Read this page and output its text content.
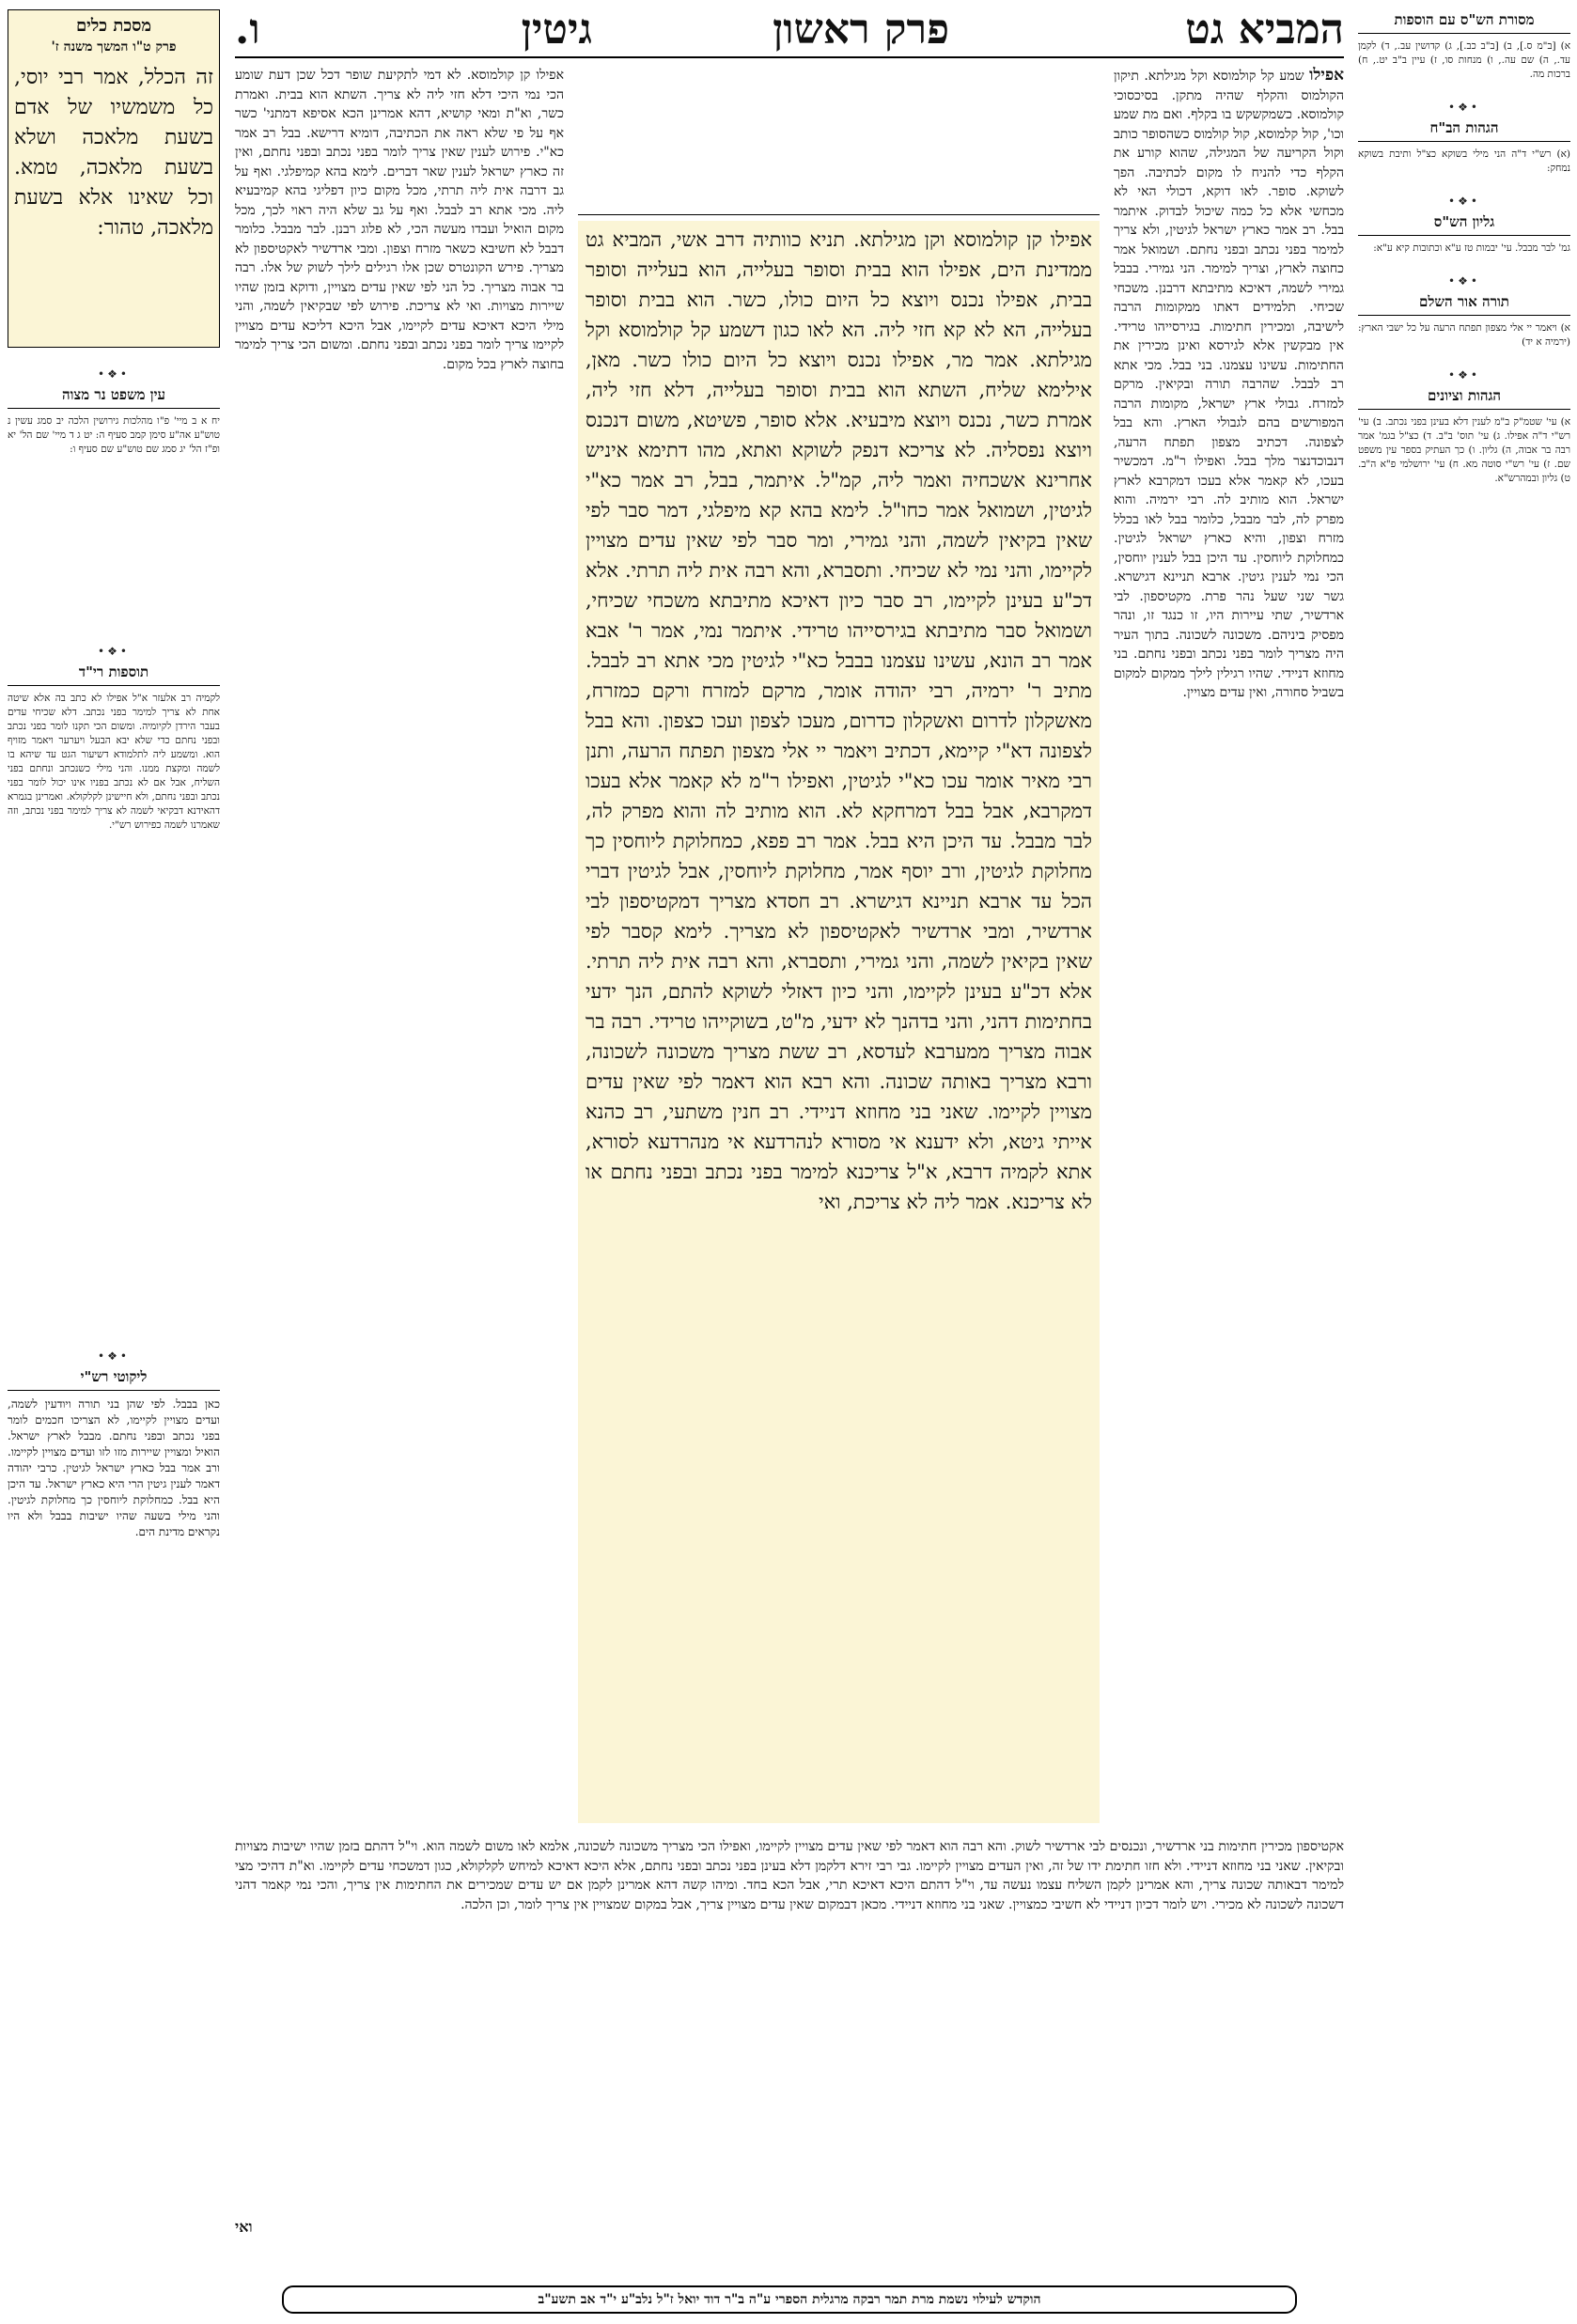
המביא גט
פרק ראשון
גיטין
ו.
מסכת כלים
פרק ט"ו המשך משנה ז'
זה הכלל, אמר רבי יוסי, כל משמשיו של אדם בשעת מלאכה ושלא בשעת מלאכה, טמא. וכל שאינו אלא בשעת מלאכה, טהור:
•❖•
עין משפט נר מצוה
יח א ב מיי' פ"ו מהלכות גירושין הלכה יב סמג עשין נ טוש"ע אה"ע סימן קמב סעיף ה: יט ג ד מיי' שם הל' יא ופ"ז הל' יג סמג שם טוש"ע שם סעיף ו:
•❖•
תוספות רי"ד
לקמיה רב אלעזר א"ל אפילו לא כתב בה אלא שיטה אחת לא צריך למימר בפני נכתב. דלא שכיחי עדים בעבר הירדן לקיומיה. ומשום הכי תקנו לומר בפני נכתב ובפני נחתם כדי שלא יבא הבעל ויערער ויאמר מזויף הוא. ומשמע ליה לתלמודא דשיעור הגט עד שיהא בו לשמה ומקצת ממנו. והני מילי כשנכתב ונחתם בפני השליח, אבל אם לא נכתב בפניו אינו יכול לומר בפני נכתב ובפני נחתם, ולא חיישינן לקלקולא. ואמרינן בגמרא דהאידנא דבקיאי לשמה לא צריך למימר בפני נכתב, וזה שאמרנו לשמה כפירוש רש"י.
•❖•
ליקוטי רש"י
כאן בבבל. לפי שהן בני תורה ויודעין לשמה, ועדים מצויין לקיימו, לא הצריכו חכמים לומר בפני נכתב ובפני נחתם. מבבל לארץ ישראל. הואיל ומצויין שיירות מזו לזו ועדים מצויין לקיימו. ורב אמר בבל כארץ ישראל לגיטין. כרבי יהודה דאמר לענין גיטין הרי היא כארץ ישראל. עד היכן היא בבל. כמחלוקת ליוחסין כך מחלוקת לגיטין. והני מילי בשעה שהיו ישיבות בבבל ולא היו נקראים מדינת הים.
מסורת הש"ס עם הוספות
א) [ב"מ ס.], ב) [ב"ב כב.], ג) קדושין עב., ד) לקמן עד., ה) שם עה., ו) מנחות סו, ז) עיין ב"ב יט., ח) ברכות מה.
•❖•
הגהות הב"ח
(א) רש"י ד"ה הני מילי בשוקא כצ"ל ותיבת בשוקא נמחק:
•❖•
גליון הש"ס
גמ' לבר מבבל. עי' יבמות טז ע"א וכתובות קיא ע"א:
•❖•
תורה אור השלם
א) ויאמר יי אלי מצפון תפתח הרעה על כל ישבי הארץ: (ירמיה א יד)
•❖•
הגהות וציונים
א) עי' שטמ"ק ב"מ לענין דלא בעינן בפני נכתב. ב) עי' רש"י ד"ה אפילו. ג) עי' תוס' ב"ב. ד) כצ"ל בגמ' אמר רבה בר אבוה, ה) גליון. ו) כך העתיק בספר עין משפט שם. ז) עי' רש"י סוטה מא. ח) עי' ירושלמי פ"א ה"ב. ט) גליון ובמהרש"א.
אפילו שמע קל קולמוסא וקל מגילתא. תיקון הקולמוס והקלף שהיה מתקן. בסיכסוכי קולמוסא. כשמקשקש בו בקלף. ואם מת שמע וכו', קול קלמוסא, קול קולמוס כשהסופר כותב וקול הקריעה של המגילה, שהוא קורע את הקלף כדי להניח לו מקום לכתיבה. הפך לשוקא. סופר. לאו דוקא, דכולי האי לא מכחשי אלא כל כמה שיכול לבדוק. איתמר בבל. רב אמר כארץ ישראל לגיטין, ולא צריך למימר בפני נכתב ובפני נחתם. ושמואל אמר כחוצה לארץ, וצריך למימר. הני גמירי. בבבל גמירי לשמה, דאיכא מתיבתא דרבנן. משכחי שכיחי. תלמידים דאתו ממקומות הרבה לישיבה, ומכירין חתימות. בגירסייהו טרידי. אין מבקשין אלא לגירסא ואינן מכירין את החתימות. עשינו עצמנו. בני בבל. מכי אתא רב לבבל. שהרבה תורה ובקיאין. מרקם למזרח. גבולי ארץ ישראל, מקומות הרבה המפורשים בהם לגבולי הארץ. והא בבל לצפונה. דכתיב מצפון תפתח הרעה, דנבוכדנצר מלך בבל. ואפילו ר"מ. דמכשיר בעכו, לא קאמר אלא בעכו דמקרבא לארץ ישראל. הוא מותיב לה. רבי ירמיה. והוא מפרק לה, לבר מבבל, כלומר בבל לאו בכלל מזרח וצפון, והיא כארץ ישראל לגיטין. כמחלוקת ליוחסין. עד היכן בבל לענין יוחסין, הכי נמי לענין גיטין. ארבא תניינא דגישרא. גשר שני שעל נהר פרת. מקטיספון. לבי ארדשיר, שתי עיירות היו, זו כנגד זו, ונהר מפסיק ביניהם. משכונה לשכונה. בתוך העיר היה מצריך לומר בפני נכתב ובפני נחתם. בני מחוזא דניידי. שהיו רגילין לילך ממקום למקום בשביל סחורה, ואין עדים מצויין.
אפילו קן קולמוסא וקן מגילתא. תניא כוותיה דרב אשי, המביא גט ממדינת הים, אפילו הוא בבית וסופר בעלייה, הוא בעלייה וסופר בבית, אפילו נכנס ויוצא כל היום כולו, כשר. הוא בבית וסופר בעלייה, הא לא קא חזי ליה. הא לאו כגון דשמע קל קולמוסא וקל מגילתא. אמר מר, אפילו נכנס ויוצא כל היום כולו כשר. מאן, אילימא שליח, השתא הוא בבית וסופר בעלייה, דלא חזי ליה, אמרת כשר, נכנס ויוצא מיבעיא. אלא סופר, פשיטא, משום דנכנס ויוצא נפסליה. לא צריכא דנפק לשוקא ואתא, מהו דתימא איניש אחרינא אשכחיה ואמר ליה, קמ"ל. איתמר, בבל, רב אמר כא"י לגיטין, ושמואל אמר כחו"ל. לימא בהא קא מיפלגי, דמר סבר לפי שאין בקיאין לשמה, והני גמירי, ומר סבר לפי שאין עדים מצויין לקיימו, והני נמי לא שכיחי. ותסברא, והא רבה אית ליה תרתי. אלא דכ"ע בעינן לקיימו, רב סבר כיון דאיכא מתיבתא משכחי שכיחי, ושמואל סבר מתיבתא בגירסייהו טרידי. איתמר נמי, אמר ר' אבא אמר רב הונא, עשינו עצמנו בבבל כא"י לגיטין מכי אתא רב לבבל. מתיב ר' ירמיה, רבי יהודה אומר, מרקם למזרח ורקם כמזרח, מאשקלון לדרום ואשקלון כדרום, מעכו לצפון ועכו כצפון. והא בבל לצפונה דא"י קיימא, דכתיב ויאמר יי אלי מצפון תפתח הרעה, ותנן רבי מאיר אומר עכו כא"י לגיטין, ואפילו ר"מ לא קאמר אלא בעכו דמקרבא, אבל בבל דמרחקא לא. הוא מותיב לה והוא מפרק לה, לבר מבבל. עד היכן היא בבל. אמר רב פפא, כמחלוקת ליוחסין כך מחלוקת לגיטין, ורב יוסף אמר, מחלוקת ליוחסין, אבל לגיטין דברי הכל עד ארבא תניינא דגישרא. רב חסדא מצריך דמקטיספון לבי ארדשיר, ומבי ארדשיר לאקטיספון לא מצריך. לימא קסבר לפי שאין בקיאין לשמה, והני גמירי, ותסברא, והא רבה אית ליה תרתי. אלא דכ"ע בעינן לקיימו, והני כיון דאזלי לשוקא להתם, הנך ידעי בחתימות דהני, והני בדהנך לא ידעי, מ"ט, בשוקייהו טרידי. רבה בר אבוה מצריך ממערבא לעדסא, רב ששת מצריך משכונה לשכונה, ורבא מצריך באותה שכונה. והא רבא הוא דאמר לפי שאין עדים מצויין לקיימו. שאני בני מחוזא דניידי. רב חנין משתעי, רב כהנא אייתי גיטא, ולא ידענא אי מסורא לנהרדעא אי מנהרדעא לסורא, אתא לקמיה דרבא, א"ל צריכנא למימר בפני נכתב ובפני נחתם או לא צריכנא. אמר ליה לא צריכת, ואי
אפילו קן קולמוסא. לא דמי לתקיעת שופר דכל שכן דעת שומע הכי נמי היכי דלא חזי ליה לא צריך. השתא הוא בבית. ואמרת כשר, וא"ת ומאי קושיא, דהא אמרינן הכא אסיפא דמתני' כשר אף על פי שלא ראה את הכתיבה, דומיא דרישא. בבל רב אמר כא"י. פירוש לענין שאין צריך לומר בפני נכתב ובפני נחתם, ואין זה כארץ ישראל לענין שאר דברים. לימא בהא קמיפלגי. ואף על גב דרבה אית ליה תרתי, מכל מקום כיון דפליגי בהא קמיבעיא ליה. מכי אתא רב לבבל. ואף על גב שלא היה ראוי לכך, מכל מקום הואיל ועבדו מעשה הכי, לא פלוג רבנן. לבר מבבל. כלומר דבבל לא חשיבא כשאר מזרח וצפון. ומבי ארדשיר לאקטיספון לא מצריך. פירש הקונטרס שכן אלו רגילים לילך לשוק של אלו. רבה בר אבוה מצריך. כל הני לפי שאין עדים מצויין, ודוקא בזמן שהיו שיירות מצויות. ואי לא צריכת. פירוש לפי שבקיאין לשמה, והני מילי היכא דאיכא עדים לקיימו, אבל היכא דליכא עדים מצויין לקיימו צריך לומר בפני נכתב ובפני נחתם. ומשום הכי צריך למימר בחוצה לארץ בכל מקום.
אקטיספון מכירין חתימות בני ארדשיר, ונכנסים לבי ארדשיר לשוק. והא רבה הוא דאמר לפי שאין עדים מצויין לקיימו, ואפילו הכי מצריך משכונה לשכונה, אלמא לאו משום לשמה הוא. וי"ל דהתם בזמן שהיו ישיבות מצויות ובקיאין. שאני בני מחוזא דניידי. ולא חזו חתימת ידו של זה, ואין העדים מצויין לקיימו. גבי רבי זירא דלקמן דלא בעינן בפני נכתב ובפני נחתם, אלא היכא דאיכא למיחש לקלקולא, כגון דמשכחי עדים לקיימו. וא"ת דהיכי מצי למימר דבאותה שכונה צריך, והא אמרינן לקמן השליח עצמו נעשה עד, וי"ל דהתם היכא דאיכא תרי, אבל הכא בחד. ומיהו קשה דהא אמרינן לקמן אם יש עדים שמכירים את החתימות אין צריך, והכי נמי קאמר דהני דשכונה לשכונה לא מכירי. ויש לומר דכיון דניידי לא חשיבי כמצויין. שאני בני מחוזא דניידי. מכאן דבמקום שאין עדים מצויין צריך, אבל במקום שמצויין אין צריך לומר, וכן הלכה.
ואי
הוקדש לעילוי נשמת מרת תמר רבקה מרגלית הספרי ע"ה ב"ר דוד יואל ז"ל נלב"ע י"ד אב תשע"ב
